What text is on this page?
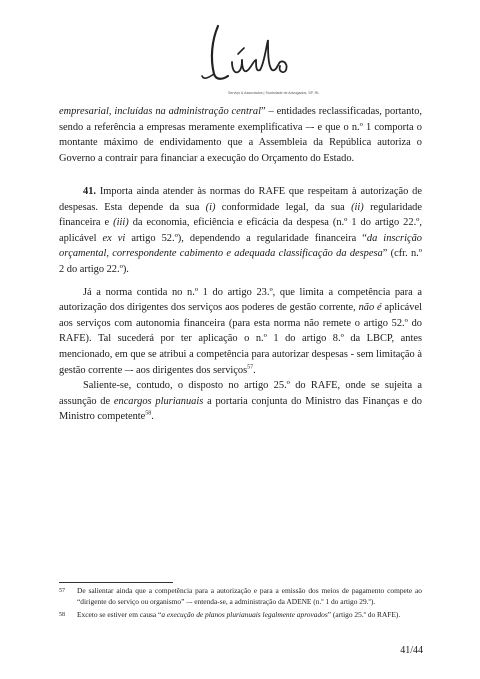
Serviço & Associados | Sociedade de Advogados, SP, RL

empresarial, incluídas na administração central” – entidades reclassificadas, portanto, sendo a referência a empresas meramente exemplificativa –- e que o n.º 1 comporta o montante máximo de endividamento que a Assembleia da República autoriza o Governo a contrair para financiar a execução do Orçamento do Estado.

41. Importa ainda atender às normas do RAFE que respeitam à autorização de despesas. Esta depende da sua (i) conformidade legal, da sua (ii) regularidade financeira e (iii) da economia, eficiência e eficácia da despesa (n.º 1 do artigo 22.º, aplicável ex vi artigo 52.º), dependendo a regularidade financeira “da inscrição orçamental, correspondente cabimento e adequada classificação da despesa” (cfr. n.º 2 do artigo 22.º).

Já a norma contida no n.º 1 do artigo 23.º, que limita a competência para a autorização dos dirigentes dos serviços aos poderes de gestão corrente, não é aplicável aos serviços com autonomia financeira (para esta norma não remete o artigo 52.º do RAFE). Tal sucederá por ter aplicação o n.º 1 do artigo 8.º da LBCP, antes mencionado, em que se atribui a competência para autorizar despesas - sem limitação à gestão corrente –- aos dirigentes dos serviços$^{57}$.

Saliente-se, contudo, o disposto no artigo 25.º do RAFE, onde se sujeita a assunção de encargos plurianuais a portaria conjunta do Ministro das Finanças e do Ministro competente$^{58}$.

57 De salientar ainda que a competência para a autorização e para a emissão dos meios de pagamento compete ao “dirigente do serviço ou organismo” –- entenda-se, a administração da ADENE (n.º 1 do artigo 29.º).
58 Exceto se estiver em causa “a execução de planos plurianuais legalmente aprovados” (artigo 25.º do RAFE).
41/44
